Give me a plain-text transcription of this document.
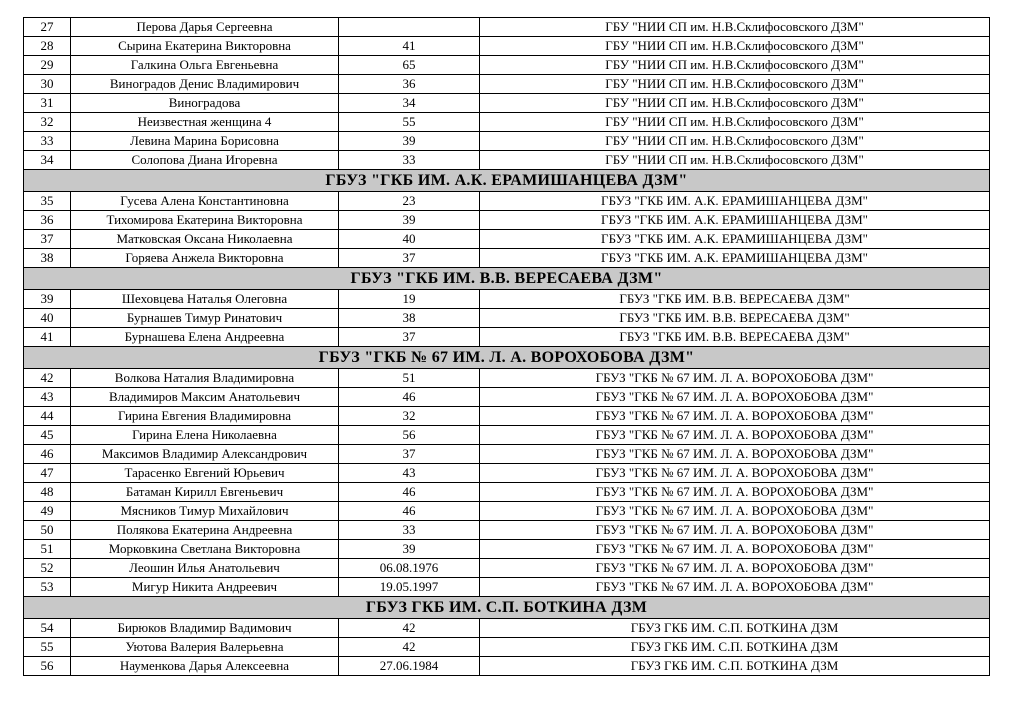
27	Перова Дарья Сергеевна		ГБУ "НИИ СП им. Н.В.Склифосовского ДЗМ"
28	Сырина Екатерина Викторовна	41	ГБУ "НИИ СП им. Н.В.Склифосовского ДЗМ"
29	Галкина Ольга Евгеньевна	65	ГБУ "НИИ СП им. Н.В.Склифосовского ДЗМ"
30	Виноградов Денис Владимирович	36	ГБУ "НИИ СП им. Н.В.Склифосовского ДЗМ"
31	Виноградова	34	ГБУ "НИИ СП им. Н.В.Склифосовского ДЗМ"
32	Неизвестная женщина 4	55	ГБУ "НИИ СП им. Н.В.Склифосовского ДЗМ"
33	Левина Марина Борисовна	39	ГБУ "НИИ СП им. Н.В.Склифосовского ДЗМ"
34	Солопова Диана Игоревна	33	ГБУ "НИИ СП им. Н.В.Склифосовского ДЗМ"
ГБУЗ "ГКБ ИМ. А.К. ЕРАМИШАНЦЕВА ДЗМ"			
35	Гусева Алена Константиновна	23	ГБУЗ "ГКБ ИМ. А.К. ЕРАМИШАНЦЕВА ДЗМ"
36	Тихомирова Екатерина Викторовна	39	ГБУЗ "ГКБ ИМ. А.К. ЕРАМИШАНЦЕВА ДЗМ"
37	Матковская Оксана Николаевна	40	ГБУЗ "ГКБ ИМ. А.К. ЕРАМИШАНЦЕВА ДЗМ"
38	Горяева Анжела Викторовна	37	ГБУЗ "ГКБ ИМ. А.К. ЕРАМИШАНЦЕВА ДЗМ"
ГБУЗ "ГКБ ИМ. В.В. ВЕРЕСАЕВА ДЗМ"			
39	Шеховцева Наталья Олеговна	19	ГБУЗ "ГКБ ИМ. В.В. ВЕРЕСАЕВА ДЗМ"
40	Бурнашев Тимур Ринатович	38	ГБУЗ "ГКБ ИМ. В.В. ВЕРЕСАЕВА ДЗМ"
41	Бурнашева Елена Андреевна	37	ГБУЗ "ГКБ ИМ. В.В. ВЕРЕСАЕВА ДЗМ"
ГБУЗ "ГКБ № 67 ИМ. Л. А. ВОРОХОБОВА ДЗМ"			
42	Волкова Наталия Владимировна	51	ГБУЗ "ГКБ № 67 ИМ. Л. А. ВОРОХОБОВА ДЗМ"
43	Владимиров Максим Анатольевич	46	ГБУЗ "ГКБ № 67 ИМ. Л. А. ВОРОХОБОВА ДЗМ"
44	Гирина Евгения Владимировна	32	ГБУЗ "ГКБ № 67 ИМ. Л. А. ВОРОХОБОВА ДЗМ"
45	Гирина Елена Николаевна	56	ГБУЗ "ГКБ № 67 ИМ. Л. А. ВОРОХОБОВА ДЗМ"
46	Максимов Владимир Александрович	37	ГБУЗ "ГКБ № 67 ИМ. Л. А. ВОРОХОБОВА ДЗМ"
47	Тарасенко Евгений Юрьевич	43	ГБУЗ "ГКБ № 67 ИМ. Л. А. ВОРОХОБОВА ДЗМ"
48	Батаман Кирилл Евгеньевич	46	ГБУЗ "ГКБ № 67 ИМ. Л. А. ВОРОХОБОВА ДЗМ"
49	Мясников Тимур Михайлович	46	ГБУЗ "ГКБ № 67 ИМ. Л. А. ВОРОХОБОВА ДЗМ"
50	Полякова Екатерина Андреевна	33	ГБУЗ "ГКБ № 67 ИМ. Л. А. ВОРОХОБОВА ДЗМ"
51	Морковкина Светлана Викторовна	39	ГБУЗ "ГКБ № 67 ИМ. Л. А. ВОРОХОБОВА ДЗМ"
52	Леошин Илья Анатольевич	06.08.1976	ГБУЗ "ГКБ № 67 ИМ. Л. А. ВОРОХОБОВА ДЗМ"
53	Мигур Никита Андреевич	19.05.1997	ГБУЗ "ГКБ № 67 ИМ. Л. А. ВОРОХОБОВА ДЗМ"
ГБУЗ ГКБ ИМ. С.П. БОТКИНА ДЗМ			
54	Бирюков Владимир Вадимович	42	ГБУЗ ГКБ ИМ. С.П. БОТКИНА ДЗМ
55	Уютова Валерия Валерьевна	42	ГБУЗ ГКБ ИМ. С.П. БОТКИНА ДЗМ
56	Науменкова Дарья Алексеевна	27.06.1984	ГБУЗ ГКБ ИМ. С.П. БОТКИНА ДЗМ
